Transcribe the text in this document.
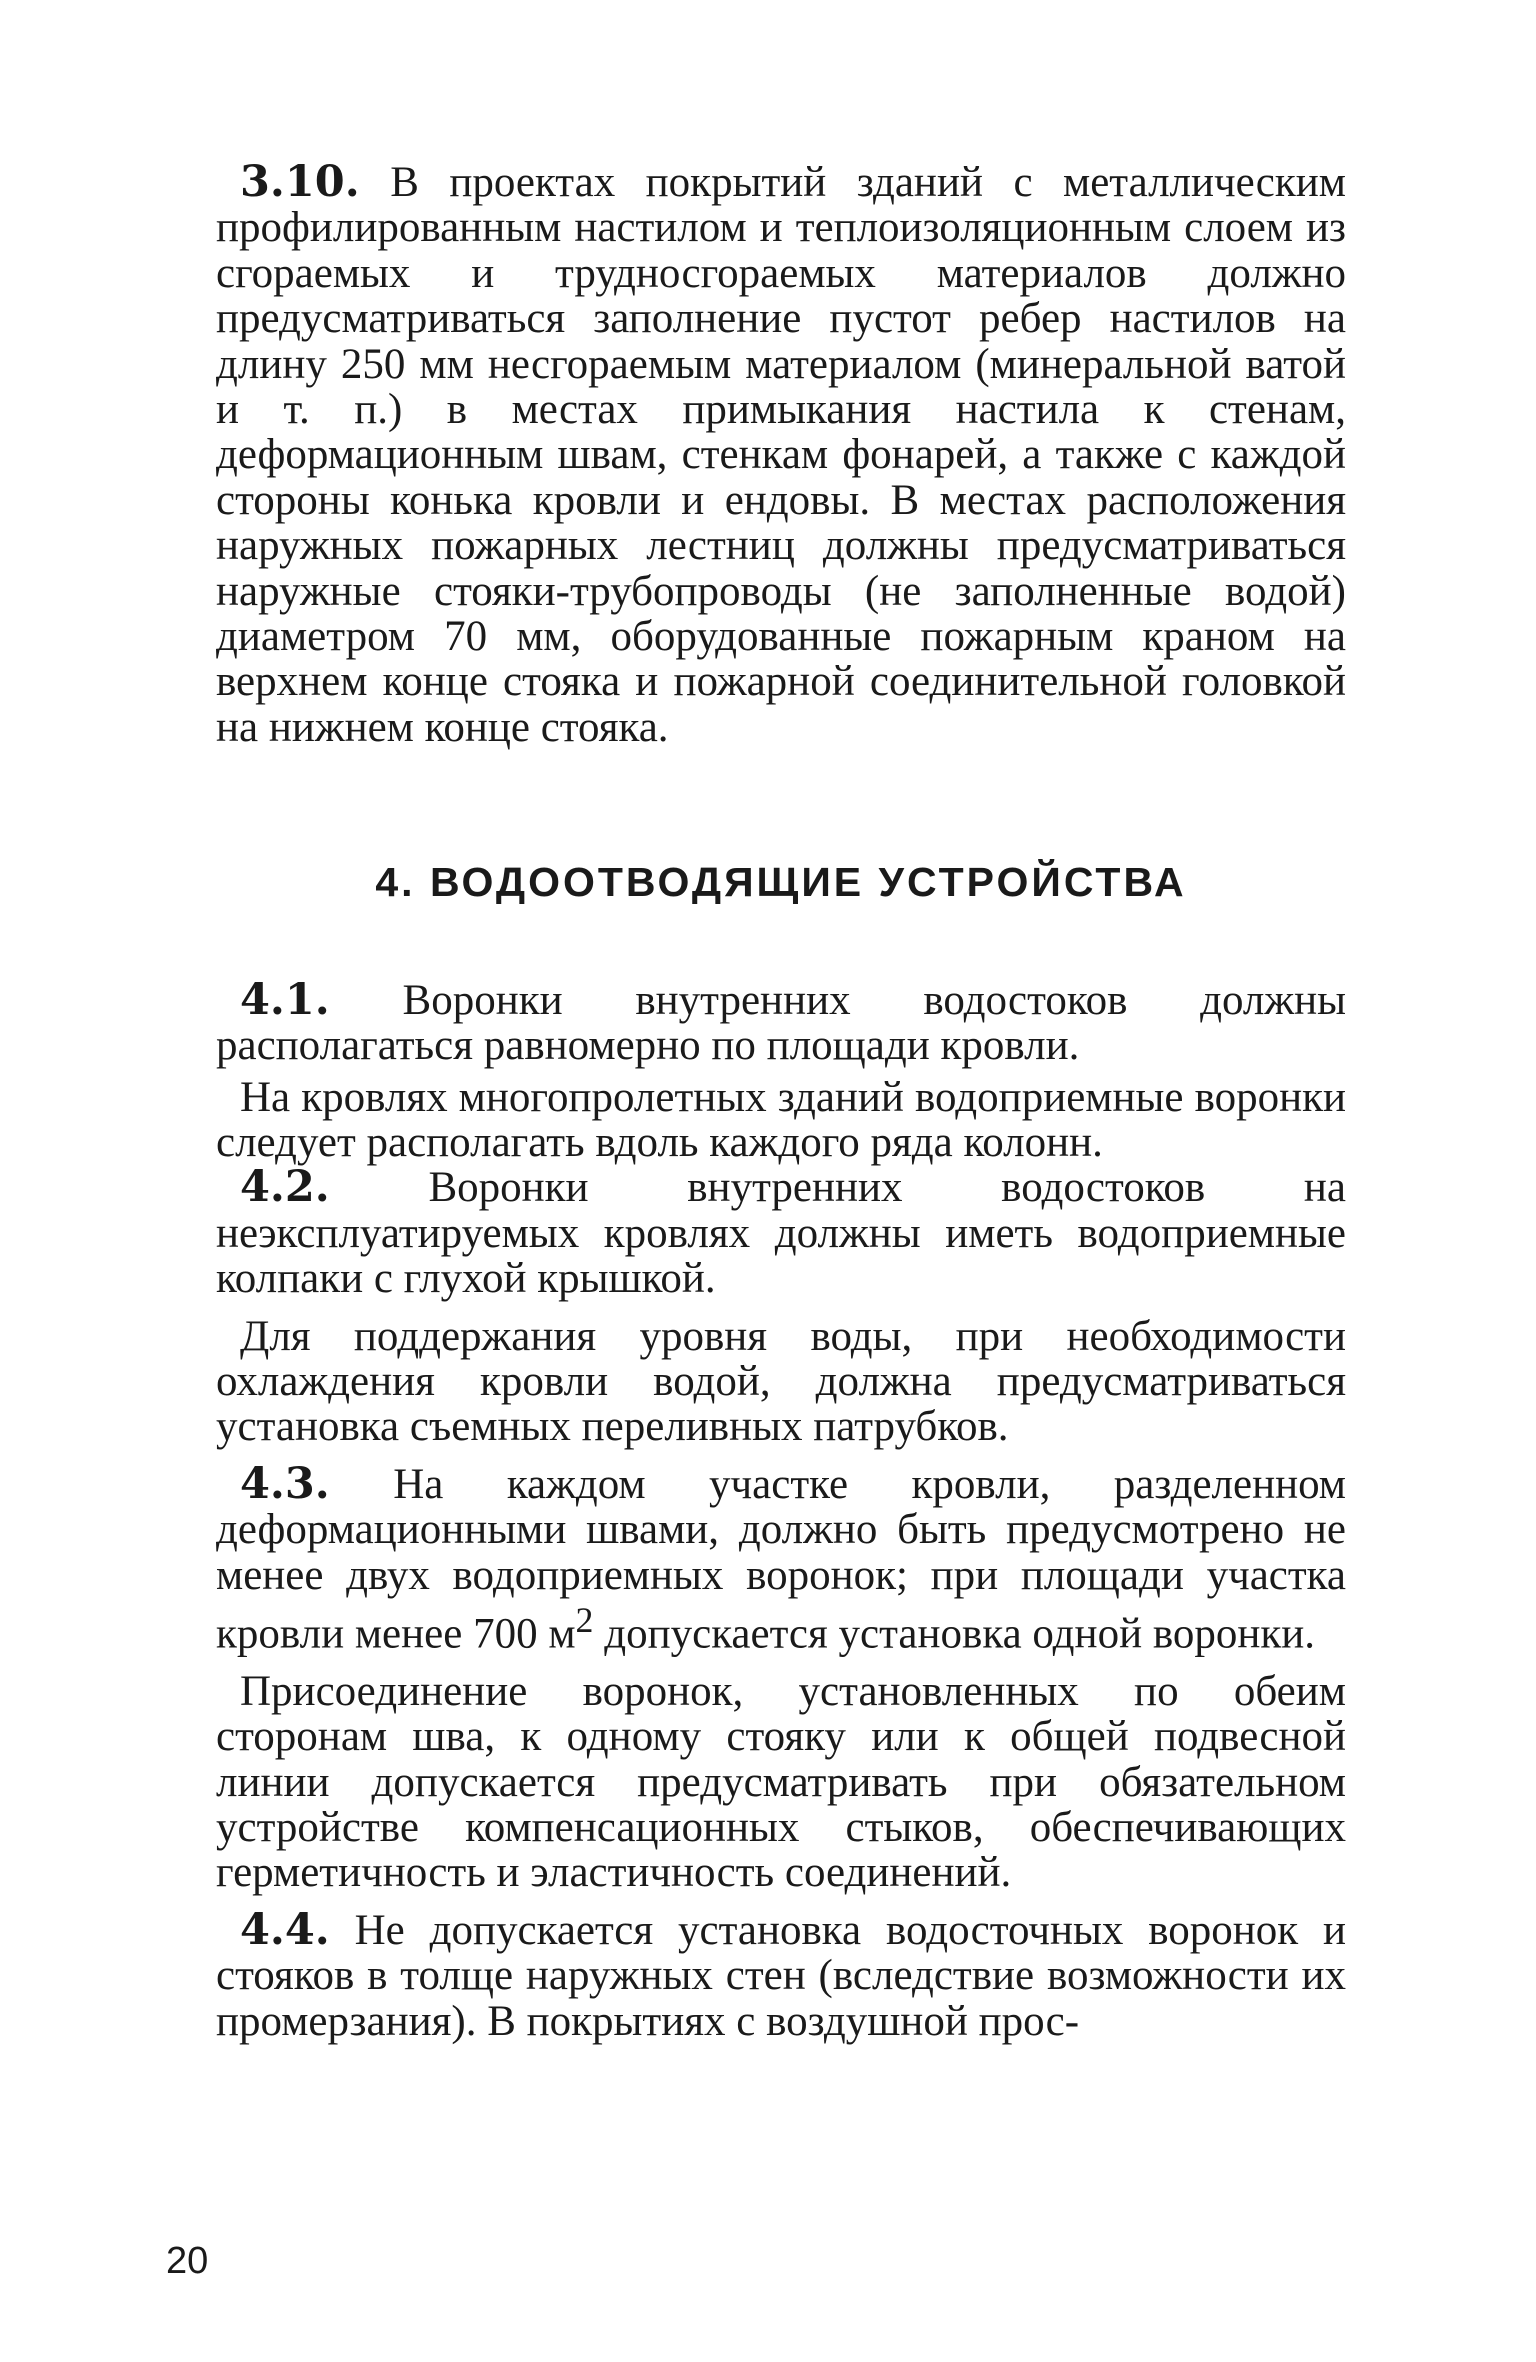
3.10. В проектах покрытий зданий с металлическим профилированным настилом и теплоизоляционным слоем из сгораемых и трудносгораемых материалов должно предусматриваться заполнение пустот ребер настилов на длину 250 мм несгораемым материалом (минеральной ватой и т. п.) в местах примыкания настила к стенам, деформационным швам, стенкам фонарей, а также с каждой стороны конька кровли и ендовы. В местах расположения наружных пожарных лестниц должны предусматриваться наружные стояки-трубопроводы (не заполненные водой) диаметром 70 мм, оборудованные пожарным краном на верхнем конце стояка и пожарной соединительной головкой на нижнем конце стояка.

4. ВОДООТВОДЯЩИЕ УСТРОЙСТВА

4.1. Воронки внутренних водостоков должны располагаться равномерно по площади кровли.

На кровлях многопролетных зданий водоприемные воронки следует располагать вдоль каждого ряда колонн.

4.2. Воронки внутренних водостоков на неэксплуатируемых кровлях должны иметь водоприемные колпаки с глухой крышкой.

Для поддержания уровня воды, при необходимости охлаждения кровли водой, должна предусматриваться установка съемных переливных патрубков.

4.3. На каждом участке кровли, разделенном деформационными швами, должно быть предусмотрено не менее двух водоприемных воронок; при площади участка кровли менее 700 $м^2$ допускается установка одной воронки.

Присоединение воронок, установленных по обеим сторонам шва, к одному стояку или к общей подвесной линии допускается предусматривать при обязательном устройстве компенсационных стыков, обеспечивающих герметичность и эластичность соединений.

4.4. Не допускается установка водосточных воронок и стояков в толще наружных стен (вследствие возможности их промерзания). В покрытиях с воздушной прос-

20
